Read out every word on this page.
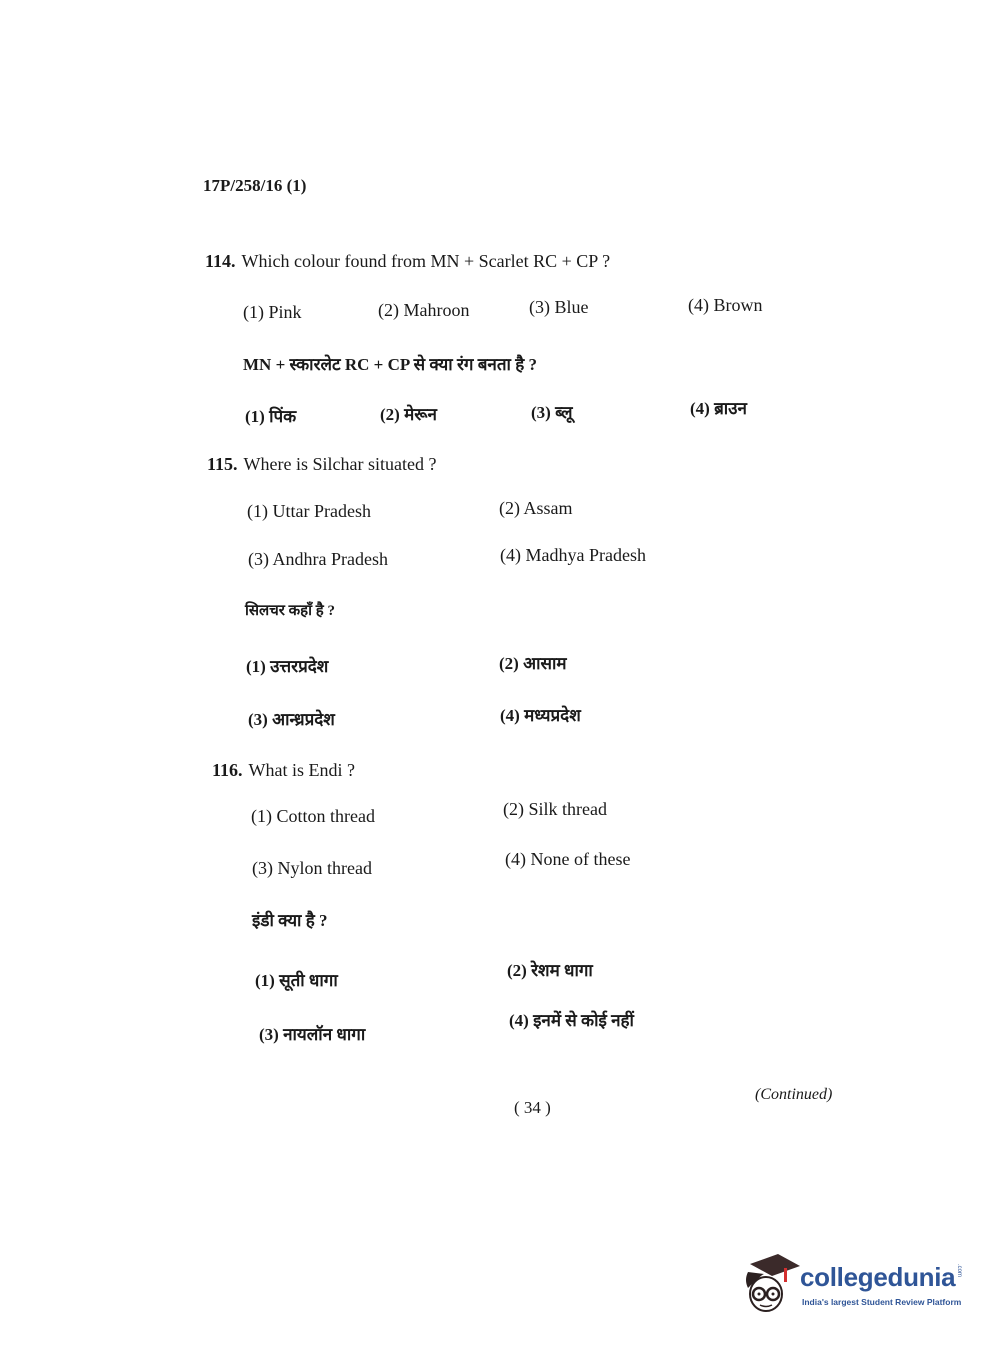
17P/258/16 (1)
114. Which colour found from MN + Scarlet RC + CP ?
(1) Pink	(2) Mahroon	(3) Blue	(4) Brown
MN + स्कारलेट RC + CP से क्या रंग बनता है ?
(1) पिंक	(2) मेरून	(3) ब्लू	(4) ब्राउन
115. Where is Silchar situated ?
(1) Uttar Pradesh	(2) Assam
(3) Andhra Pradesh	(4) Madhya Pradesh
सिलचर कहाँ है ?
(1) उत्तरप्रदेश	(2) आसाम
(3) आन्ध्रप्रदेश	(4) मध्यप्रदेश
116. What is Endi ?
(1) Cotton thread	(2) Silk thread
(3) Nylon thread	(4) None of these
इंडी क्या है ?
(1) सूती धागा
(2) रेशम धागा
(3) नायलॉन धागा
(4) इनमें से कोई नहीं
( 34 )
(Continued)
collegedunia .com
India's largest Student Review Platform
